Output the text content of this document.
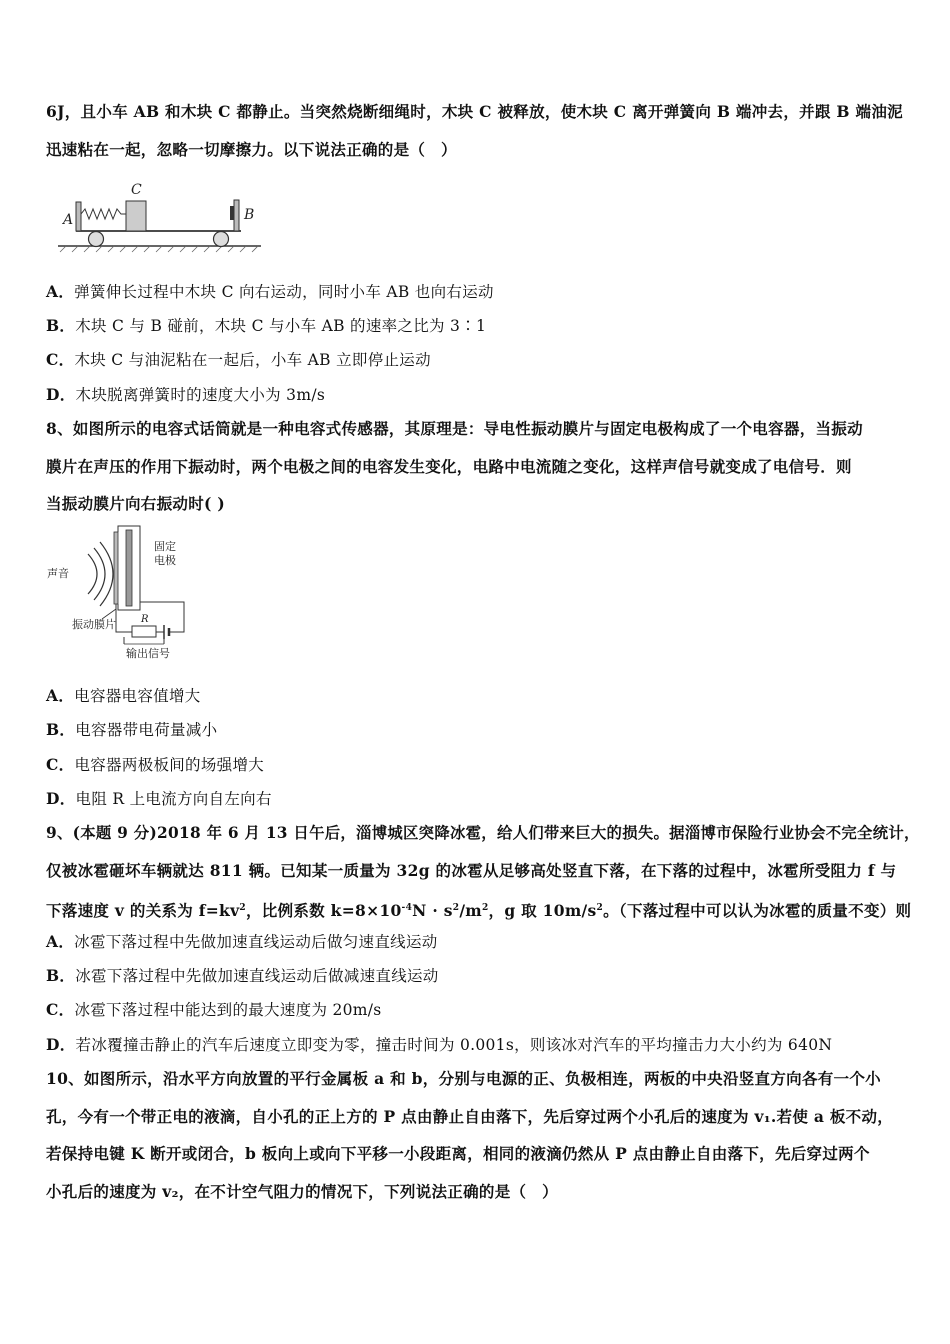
6J，且小车 AB 和木块 C 都静止。当突然烧断细绳时，木块 C 被释放，使木块 C 离开弹簧向 B 端冲去，并跟 B 端油泥
迅速粘在一起，忽略一切摩擦力。以下说法正确的是（　）
A	B
C
A．弹簧伸长过程中木块 C 向右运动，同时小车 AB 也向右运动
B．木块 C 与 B 碰前，木块 C 与小车 AB 的速率之比为 3∶1
C．木块 C 与油泥粘在一起后，小车 AB 立即停止运动
D．木块脱离弹簧时的速度大小为 3m/s
8、如图所示的电容式话筒就是一种电容式传感器，其原理是：导电性振动膜片与固定电极构成了一个电容器，当振动
膜片在声压的作用下振动时，两个电极之间的电容发生变化，电路中电流随之变化，这样声信号就变成了电信号．则
当振动膜片向右振动时( )
声音
固定
电极
振动膜片	R
输出信号
A．电容器电容值增大
B．电容器带电荷量减小
C．电容器两极板间的场强增大
D．电阻 R 上电流方向自左向右
9、(本题 9 分)2018 年 6 月 13 日午后，淄博城区突降冰雹，给人们带来巨大的损失。据淄博市保险行业协会不完全统计，
仅被冰雹砸坏车辆就达 811 辆。已知某一质量为 32g 的冰雹从足够高处竖直下落，在下落的过程中，冰雹所受阻力 f 与
下落速度 v 的关系为 $f=kv^2$，比例系数 $k=8\times 10^{-4}N \cdot s^2/m^2$，g 取 $10m/s^2$。（下落过程中可以认为冰雹的质量不变）则
A．冰雹下落过程中先做加速直线运动后做匀速直线运动
B．冰雹下落过程中先做加速直线运动后做减速直线运动
C．冰雹下落过程中能达到的最大速度为 20m/s
D．若冰覆撞击静止的汽车后速度立即变为零，撞击时间为 0.001s，则该冰对汽车的平均撞击力大小约为 640N
10、如图所示，沿水平方向放置的平行金属板 a 和 b，分别与电源的正、负极相连，两板的中央沿竖直方向各有一个小
孔，今有一个带正电的液滴，自小孔的正上方的 P 点由静止自由落下，先后穿过两个小孔后的速度为 v₁.若使 a 板不动，
若保持电键 K 断开或闭合，b 板向上或向下平移一小段距离，相同的液滴仍然从 P 点由静止自由落下，先后穿过两个
小孔后的速度为 v₂，在不计空气阻力的情况下，下列说法正确的是（　）
